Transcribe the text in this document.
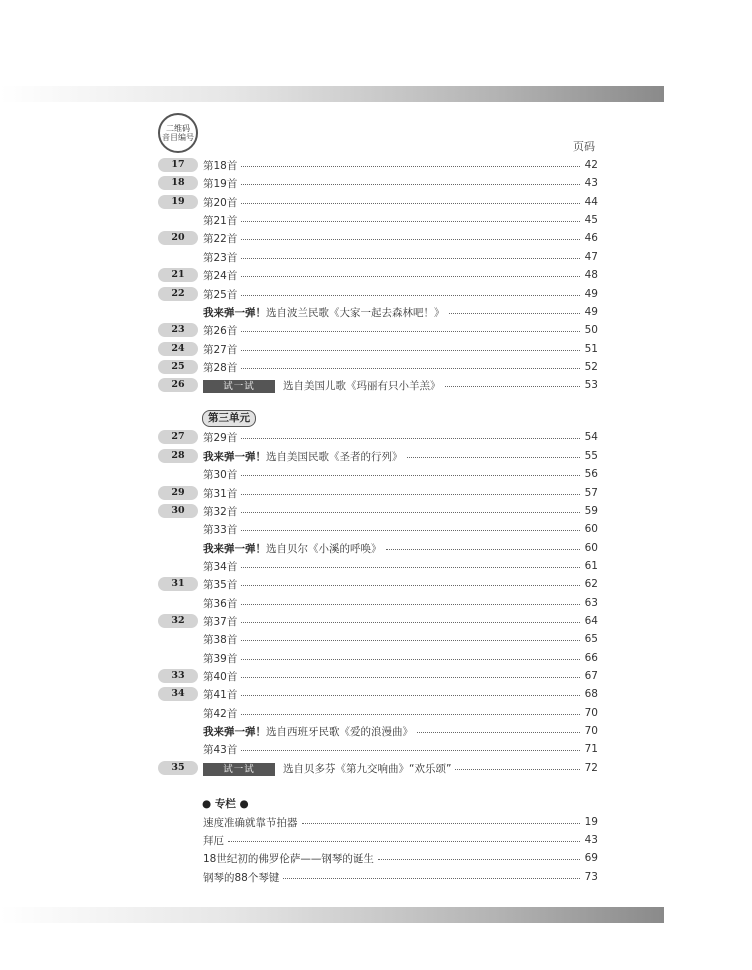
二维码
音目编号
页码
17	第18首	42
18	第19首	43
19	第20首	44
第21首	45
20	第22首	46
第23首	47
21	第24首	48
22	第25首	49
我来弹一弹！选自波兰民歌《大家一起去森林吧！》	49
23	第26首	50
24	第27首	51
25	第28首	52
26	试一试	选自美国儿歌《玛丽有只小羊羔》	53
27	第29首	54
28	我来弹一弹！选自美国民歌《圣者的行列》	55
第30首	56
29	第31首	57
30	第32首	59
第33首	60
我来弹一弹！选自贝尔《小溪的呼唤》	60
第34首	61
31	第35首	62
第36首	63
32	第37首	64
第38首	65
第39首	66
33	第40首	67
34	第41首	68
第42首	70
我来弹一弹！选自西班牙民歌《爱的浪漫曲》	70
第43首	71
35	试一试	选自贝多芬《第九交响曲》“欢乐颂”	72
第三单元
● 专栏 ●
速度准确就靠节拍器	19
拜厄	43
18世纪初的佛罗伦萨——钢琴的诞生	69
钢琴的88个琴键	73
